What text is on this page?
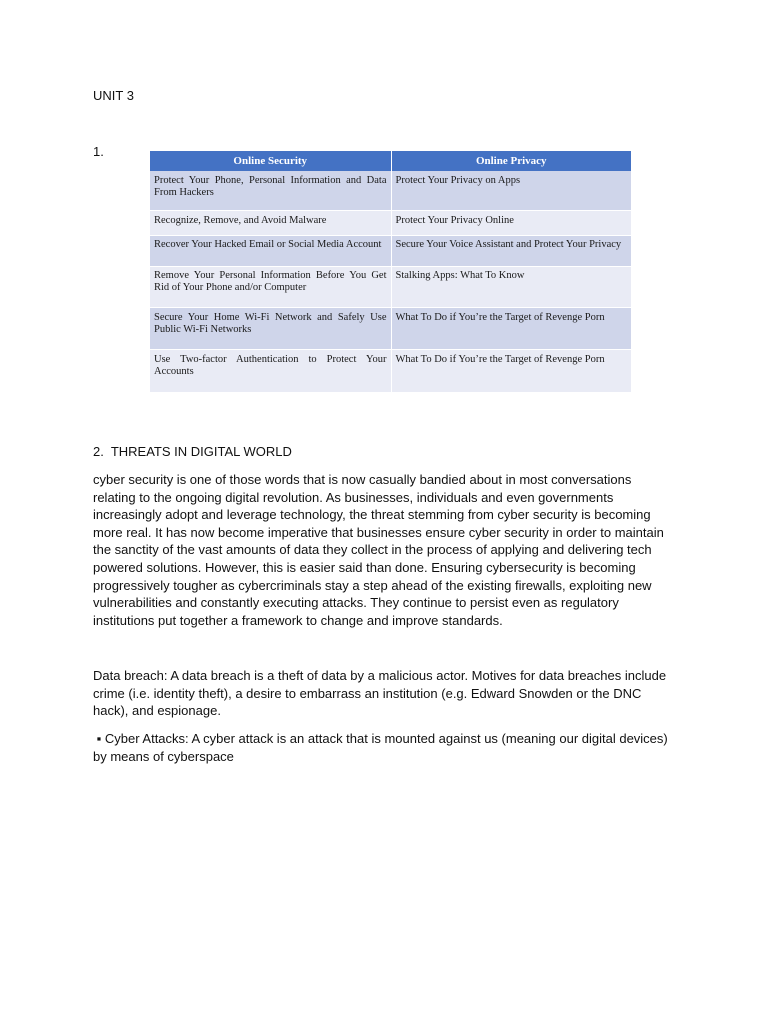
UNIT 3
1.
Online Security	Online Privacy
Protect Your Phone, Personal Information and Data From Hackers	Protect Your Privacy on Apps
Recognize, Remove, and Avoid Malware	Protect Your Privacy Online
Recover Your Hacked Email or Social Media Account	Secure Your Voice Assistant and Protect Your Privacy
Remove Your Personal Information Before You Get Rid of Your Phone and/or Computer	Stalking Apps: What To Know
Secure Your Home Wi-Fi Network and Safely Use Public Wi-Fi Networks	What To Do if You’re the Target of Revenge Porn
Use Two-factor Authentication to Protect Your Accounts	What To Do if You’re the Target of Revenge Porn
2.  THREATS IN DIGITAL WORLD

cyber security is one of those words that is now casually bandied about in most conversations relating to the ongoing digital revolution. As businesses, individuals and even governments increasingly adopt and leverage technology, the threat stemming from cyber security is becoming more real. It has now become imperative that businesses ensure cyber security in order to maintain the sanctity of the vast amounts of data they collect in the process of applying and delivering tech powered solutions. However, this is easier said than done. Ensuring cybersecurity is becoming progressively tougher as cybercriminals stay a step ahead of the existing firewalls, exploiting new vulnerabilities and constantly executing attacks. They continue to persist even as regulatory institutions put together a framework to change and improve standards.

Data breach: A data breach is a theft of data by a malicious actor. Motives for data breaches include crime (i.e. identity theft), a desire to embarrass an institution (e.g. Edward Snowden or the DNC hack), and espionage.

▪ Cyber Attacks: A cyber attack is an attack that is mounted against us (meaning our digital devices) by means of cyberspace
